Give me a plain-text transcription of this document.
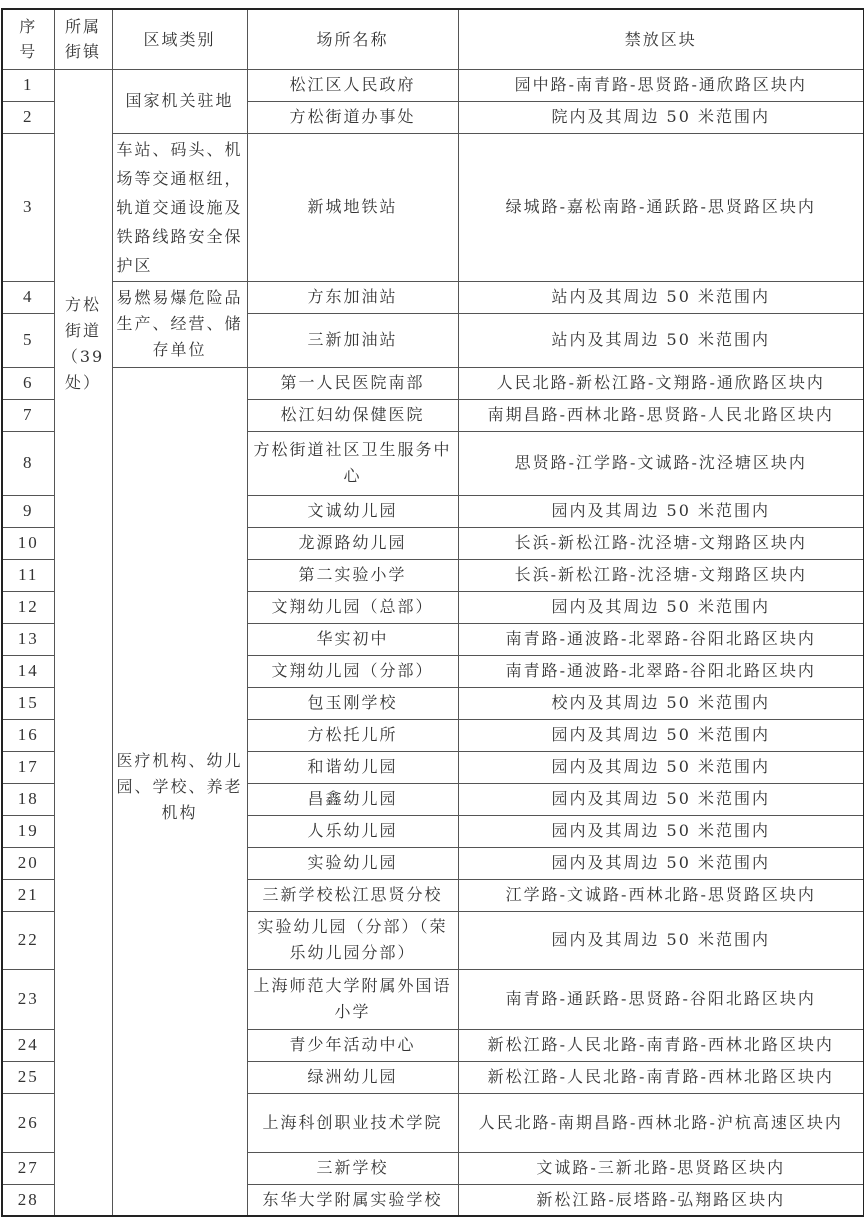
序号	所属街镇	区域类别	场所名称	禁放区块
1	方松街道（39处）	国家机关驻地	松江区人民政府	园中路-南青路-思贤路-通欣路区块内
2			方松街道办事处	院内及其周边 50 米范围内
3		车站、码头、机场等交通枢纽，轨道交通设施及铁路线路安全保护区	新城地铁站	绿城路-嘉松南路-通跃路-思贤路区块内
4		易燃易爆危险品生产、经营、储存单位	方东加油站	站内及其周边 50 米范围内
5			三新加油站	站内及其周边 50 米范围内
6		医疗机构、幼儿园、学校、养老机构	第一人民医院南部	人民北路-新松江路-文翔路-通欣路区块内
7			松江妇幼保健医院	南期昌路-西林北路-思贤路-人民北路区块内
8			方松街道社区卫生服务中心	思贤路-江学路-文诚路-沈泾塘区块内
9			文诚幼儿园	园内及其周边 50 米范围内
10			龙源路幼儿园	长浜-新松江路-沈泾塘-文翔路区块内
11			第二实验小学	长浜-新松江路-沈泾塘-文翔路区块内
12			文翔幼儿园（总部）	园内及其周边 50 米范围内
13			华实初中	南青路-通波路-北翠路-谷阳北路区块内
14			文翔幼儿园（分部）	南青路-通波路-北翠路-谷阳北路区块内
15			包玉刚学校	校内及其周边 50 米范围内
16			方松托儿所	园内及其周边 50 米范围内
17			和谐幼儿园	园内及其周边 50 米范围内
18			昌鑫幼儿园	园内及其周边 50 米范围内
19			人乐幼儿园	园内及其周边 50 米范围内
20			实验幼儿园	园内及其周边 50 米范围内
21			三新学校松江思贤分校	江学路-文诚路-西林北路-思贤路区块内
22			实验幼儿园（分部）（荣乐幼儿园分部）	园内及其周边 50 米范围内
23			上海师范大学附属外国语小学	南青路-通跃路-思贤路-谷阳北路区块内
24			青少年活动中心	新松江路-人民北路-南青路-西林北路区块内
25			绿洲幼儿园	新松江路-人民北路-南青路-西林北路区块内
26			上海科创职业技术学院	人民北路-南期昌路-西林北路-沪杭高速区块内
27			三新学校	文诚路-三新北路-思贤路区块内
28			东华大学附属实验学校	新松江路-辰塔路-弘翔路区块内
